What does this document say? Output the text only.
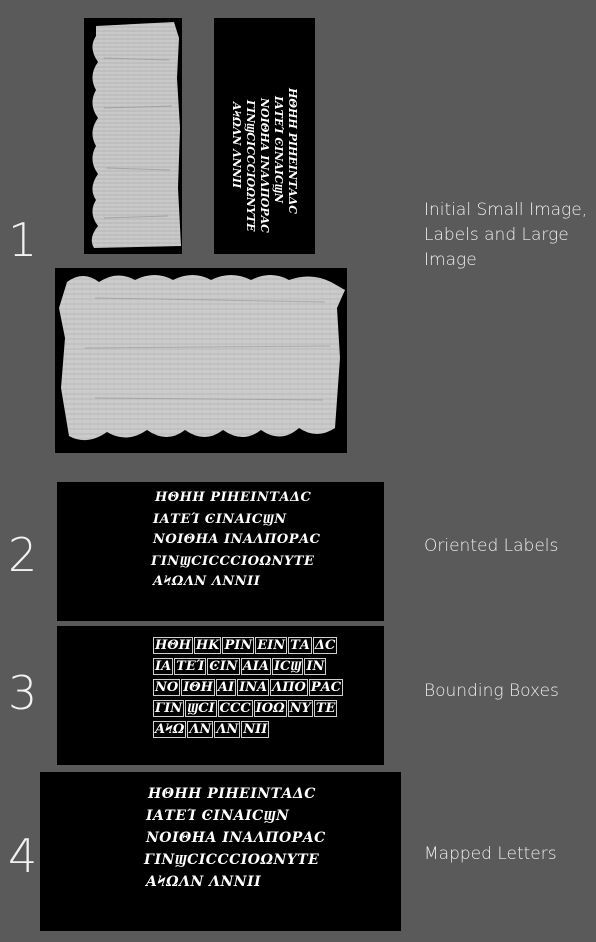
1
Initial Small Image,
Labels and Large
Image
ΗΘΗΗ ΡΙΗΕΙΝΤΑΔϹ
ΙΑΤΕΊ ϾΙΝΑΙϹϢΝ
ΝΟΙΘΗΑ ΙΝΑΛΠΟΡΑϹ
ΓΙΝϢϹΙϹϹϹΙΟΩΝΥΤΕ
ΑϞΩΛΝ ΛΝΝΙΙ
2	Oriented Labels
ΗΘΗΗ ΡΙΗΕΙΝΤΑΔϹ
ΙΑΤΕΊ ϾΙΝΑΙϹϢΝ
ΝΟΙΘΗΑ ΙΝΑΛΠΟΡΑϹ
ΓΙΝϢϹΙϹϹϹΙΟΩΝΥΤΕ
ΑϞΩΛΝ ΛΝΝΙΙ
3	Bounding Boxes
ΗΘΗ ΗΚ ΡΙΝ ΕΙΝ ΤΑ ΔϹ
ΙΑ ΤΕΊ ϾΙΝ ΑΙΑ ΙϹϢ ΙΝ
ΝΟ ΙΘΗ ΑΙ ΙΝΑ ΛΠΟ ΡΑϹ
ΓΙΝ ϢϹΙ ϹϹϹ ΙΟΩ ΝΥ ΤΕ
ΑϞΩ ΛΝ ΛΝ ΝΙΙ
4	Mapped Letters
ΗΘΗΗ ΡΙΗΕΙΝΤΑΔϹ
ΙΑΤΕΊ ϾΙΝΑΙϹϢΝ
ΝΟΙΘΗΑ ΙΝΑΛΠΟΡΑϹ
ΓΙΝϢϹΙϹϹϹΙΟΩΝΥΤΕ
ΑϞΩΛΝ ΛΝΝΙΙ
